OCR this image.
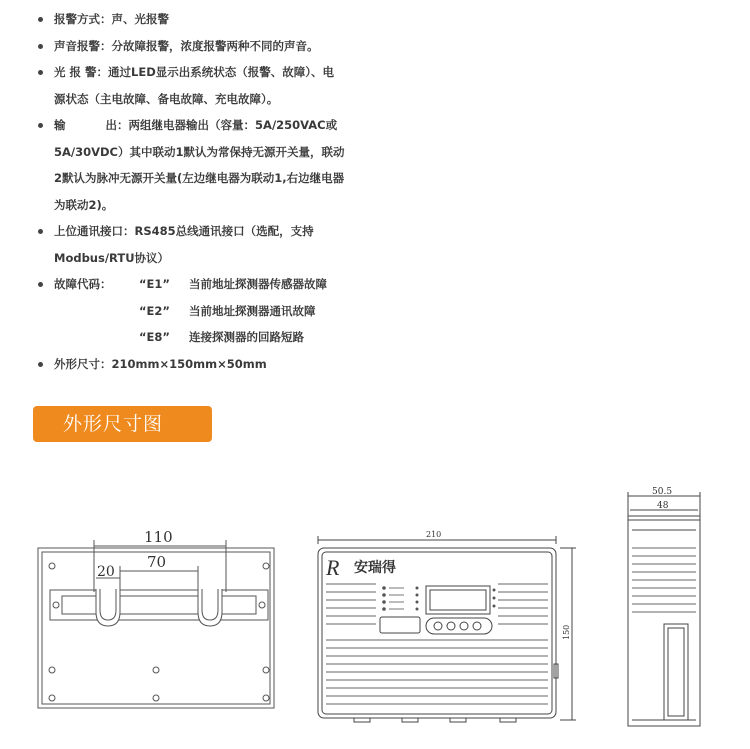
报警方式：声、光报警
声音报警：分故障报警，浓度报警两种不同的声音。
光 报 警：通过LED显示出系统状态（报警、故障）、电
源状态（主电故障、备电故障、充电故障）。
输          出：两组继电器输出（容量：5A/250VAC或
5A/30VDC）其中联动1默认为常保持无源开关量，联动
2默认为脉冲无源开关量(左边继电器为联动1,右边继电器
为联动2)。
上位通讯接口：RS485总线通讯接口（选配，支持
Modbus/RTU协议）
故障代码： “E1” 当前地址探测器传感器故障
“E2” 当前地址探测器通讯故障
“E8” 连接探测器的回路短路
外形尺寸：210mm×150mm×50mm
外形尺寸图
110
70
20	R 安瑞得
210
150
50.5
48
